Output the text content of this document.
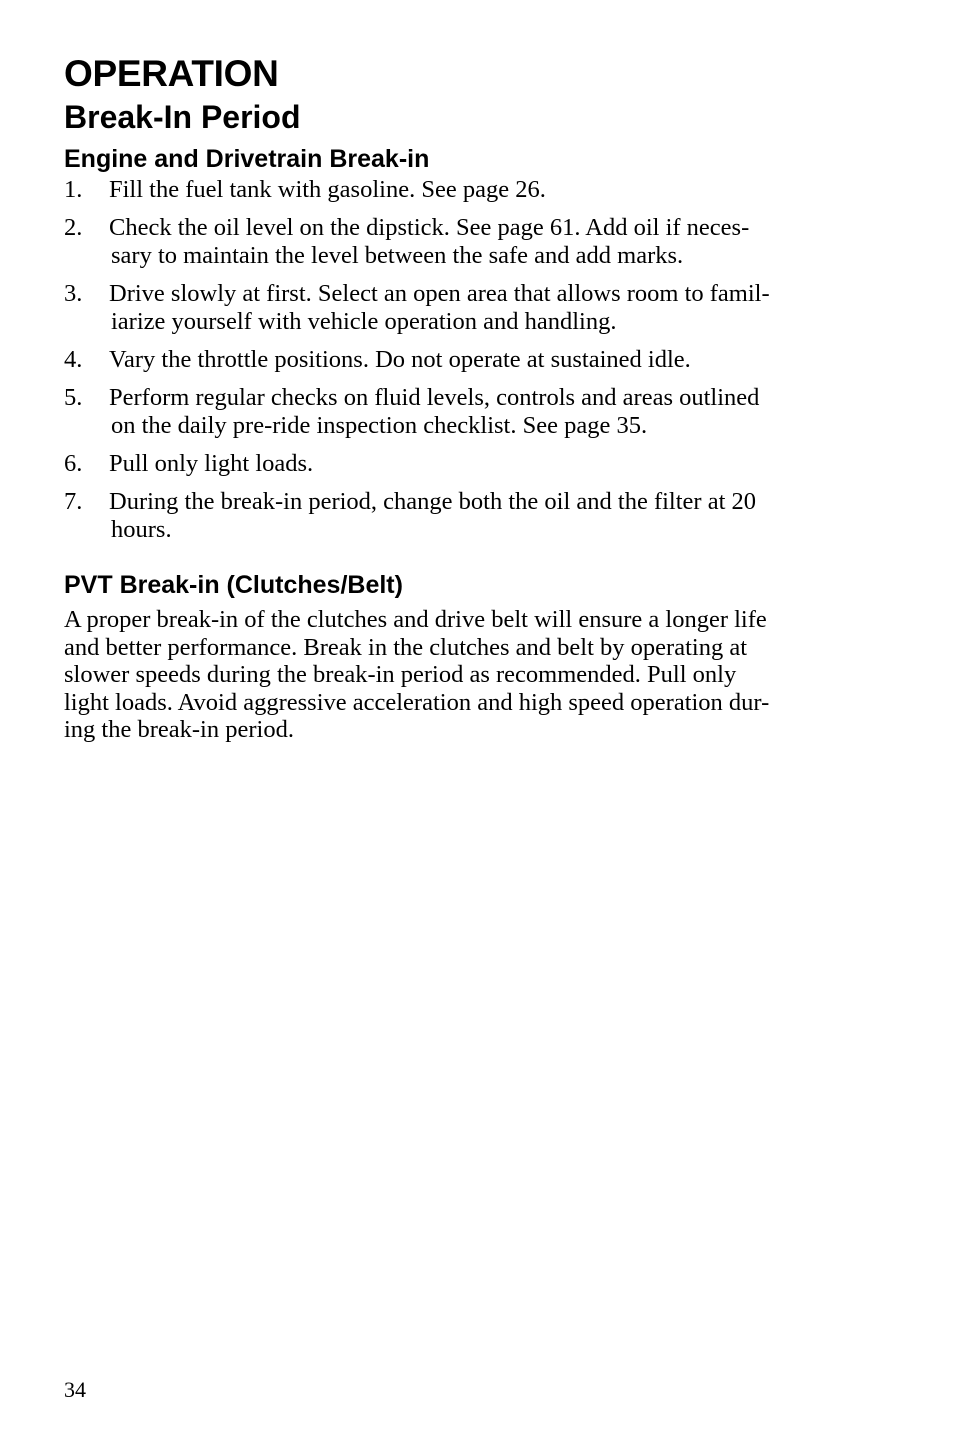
OPERATION
Break-In Period
Engine and Drivetrain Break-in
1. Fill the fuel tank with gasoline. See page 26.
2. Check the oil level on the dipstick. See page 61. Add oil if neces-
sary to maintain the level between the safe and add marks.
3. Drive slowly at first. Select an open area that allows room to famil-
iarize yourself with vehicle operation and handling.
4. Vary the throttle positions. Do not operate at sustained idle.
5. Perform regular checks on fluid levels, controls and areas outlined
on the daily pre-ride inspection checklist. See page 35.
6. Pull only light loads.
7. During the break-in period, change both the oil and the filter at 20
hours.
PVT Break-in (Clutches/Belt)

A proper break-in of the clutches and drive belt will ensure a longer life
and better performance. Break in the clutches and belt by operating at
slower speeds during the break-in period as recommended. Pull only
light loads. Avoid aggressive acceleration and high speed operation dur-
ing the break-in period.

34
